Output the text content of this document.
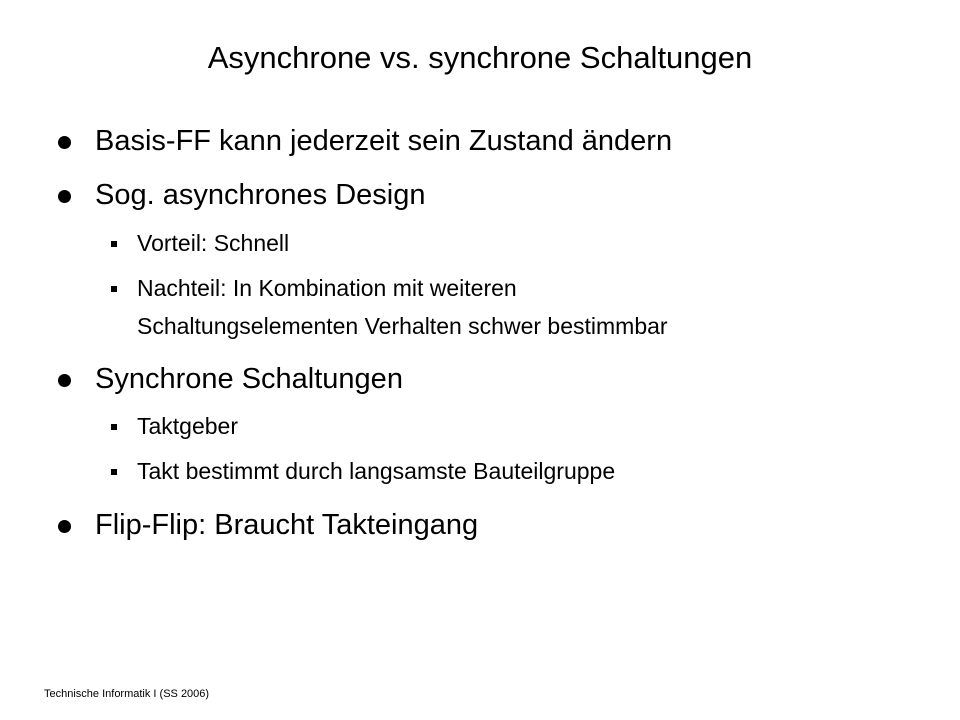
Asynchrone vs. synchrone Schaltungen
Basis-FF kann jederzeit sein Zustand ändern
Sog. asynchrones Design
Vorteil: Schnell
Nachteil: In Kombination mit weiteren
Schaltungselementen Verhalten schwer bestimmbar
Synchrone Schaltungen
Taktgeber
Takt bestimmt durch langsamste Bauteilgruppe
Flip-Flip: Braucht Takteingang
Technische Informatik I (SS 2006)
